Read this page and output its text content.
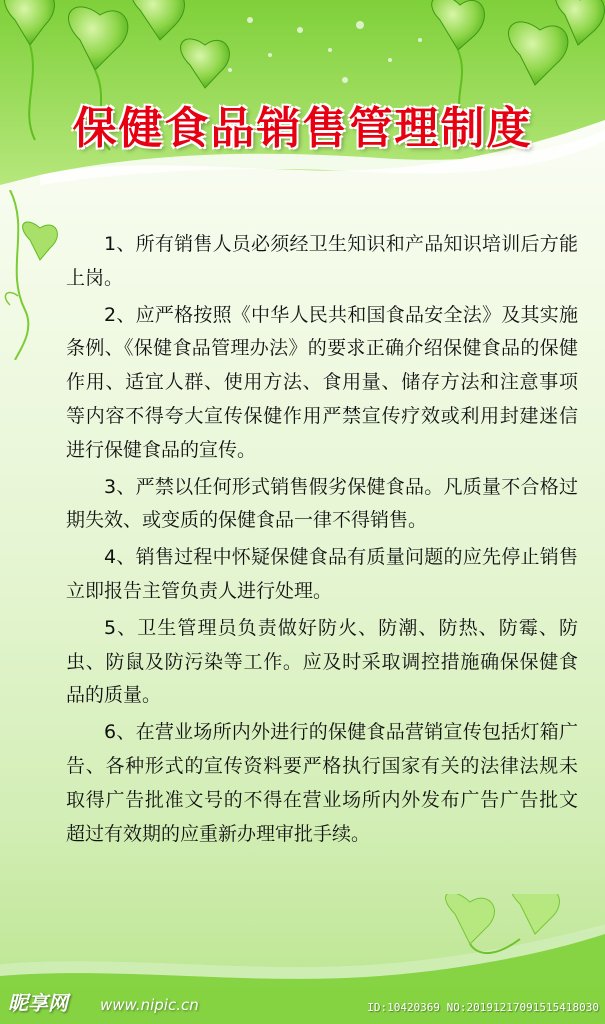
保健食品销售管理制度

1、所有销售人员必须经卫生知识和产品知识培训后方能上岗。

2、应严格按照《中华人民共和国食品安全法》及其实施条例、《保健食品管理办法》的要求正确介绍保健食品的保健作用、适宜人群、使用方法、食用量、储存方法和注意事项等内容不得夸大宣传保健作用严禁宣传疗效或利用封建迷信进行保健食品的宣传。

3、严禁以任何形式销售假劣保健食品。凡质量不合格过期失效、或变质的保健食品一律不得销售。

4、销售过程中怀疑保健食品有质量问题的应先停止销售立即报告主管负责人进行处理。

5、卫生管理员负责做好防火、防潮、防热、防霉、防虫、防鼠及防污染等工作。应及时采取调控措施确保保健食品的质量。

6、在营业场所内外进行的保健食品营销宣传包括灯箱广告、各种形式的宣传资料要严格执行国家有关的法律法规未取得广告批准文号的不得在营业场所内外发布广告广告批文超过有效期的应重新办理审批手续。

昵享网 www.nipic.cn	ID:10420369 NO:20191217091515418030
